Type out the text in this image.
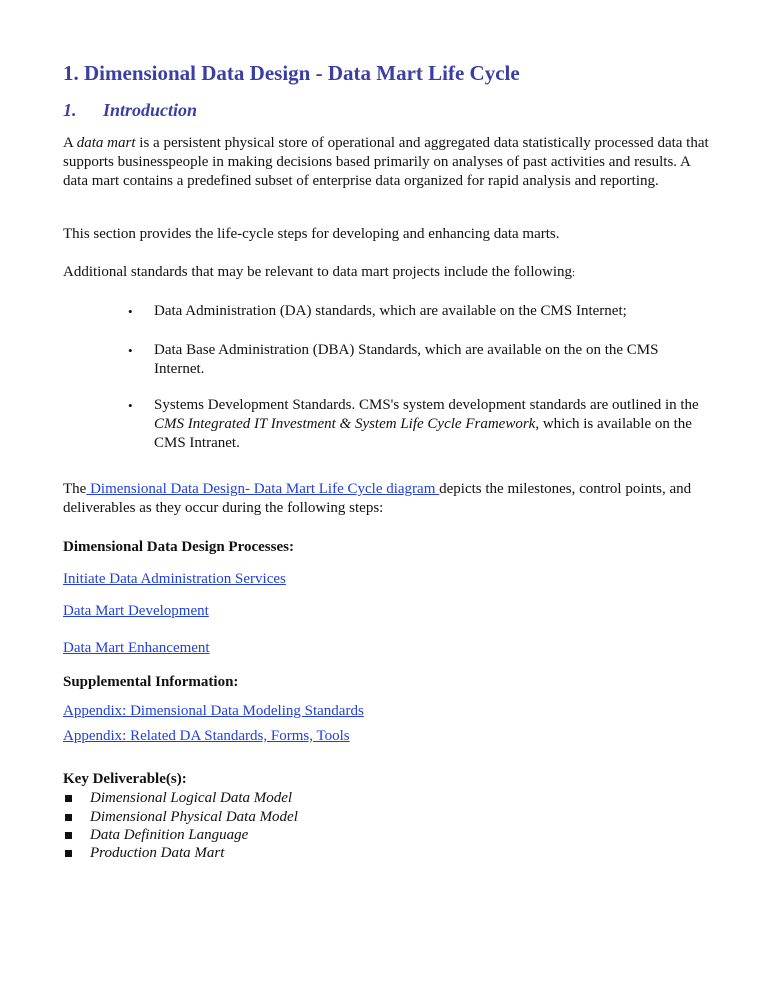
1. Dimensional Data Design - Data Mart Life Cycle
1. Introduction

A data mart is a persistent physical store of operational and aggregated data statistically processed data that supports businesspeople in making decisions based primarily on analyses of past activities and results. A data mart contains a predefined subset of enterprise data organized for rapid analysis and reporting.

This section provides the life-cycle steps for developing and enhancing data marts.

Additional standards that may be relevant to data mart projects include the following:

• Data Administration (DA) standards, which are available on the CMS Internet;
• Data Base Administration (DBA) Standards, which are available on the on the CMS Internet.
• Systems Development Standards. CMS's system development standards are outlined in the CMS Integrated IT Investment & System Life Cycle Framework, which is available on the CMS Intranet.

The Dimensional Data Design- Data Mart Life Cycle diagram depicts the milestones, control points, and deliverables as they occur during the following steps:

Dimensional Data Design Processes:
Initiate Data Administration Services
Data Mart Development
Data Mart Enhancement
Supplemental Information:
Appendix: Dimensional Data Modeling Standards
Appendix: Related DA Standards, Forms, Tools
Key Deliverable(s):
Dimensional Logical Data Model
Dimensional Physical Data Model
Data Definition Language
Production Data Mart
